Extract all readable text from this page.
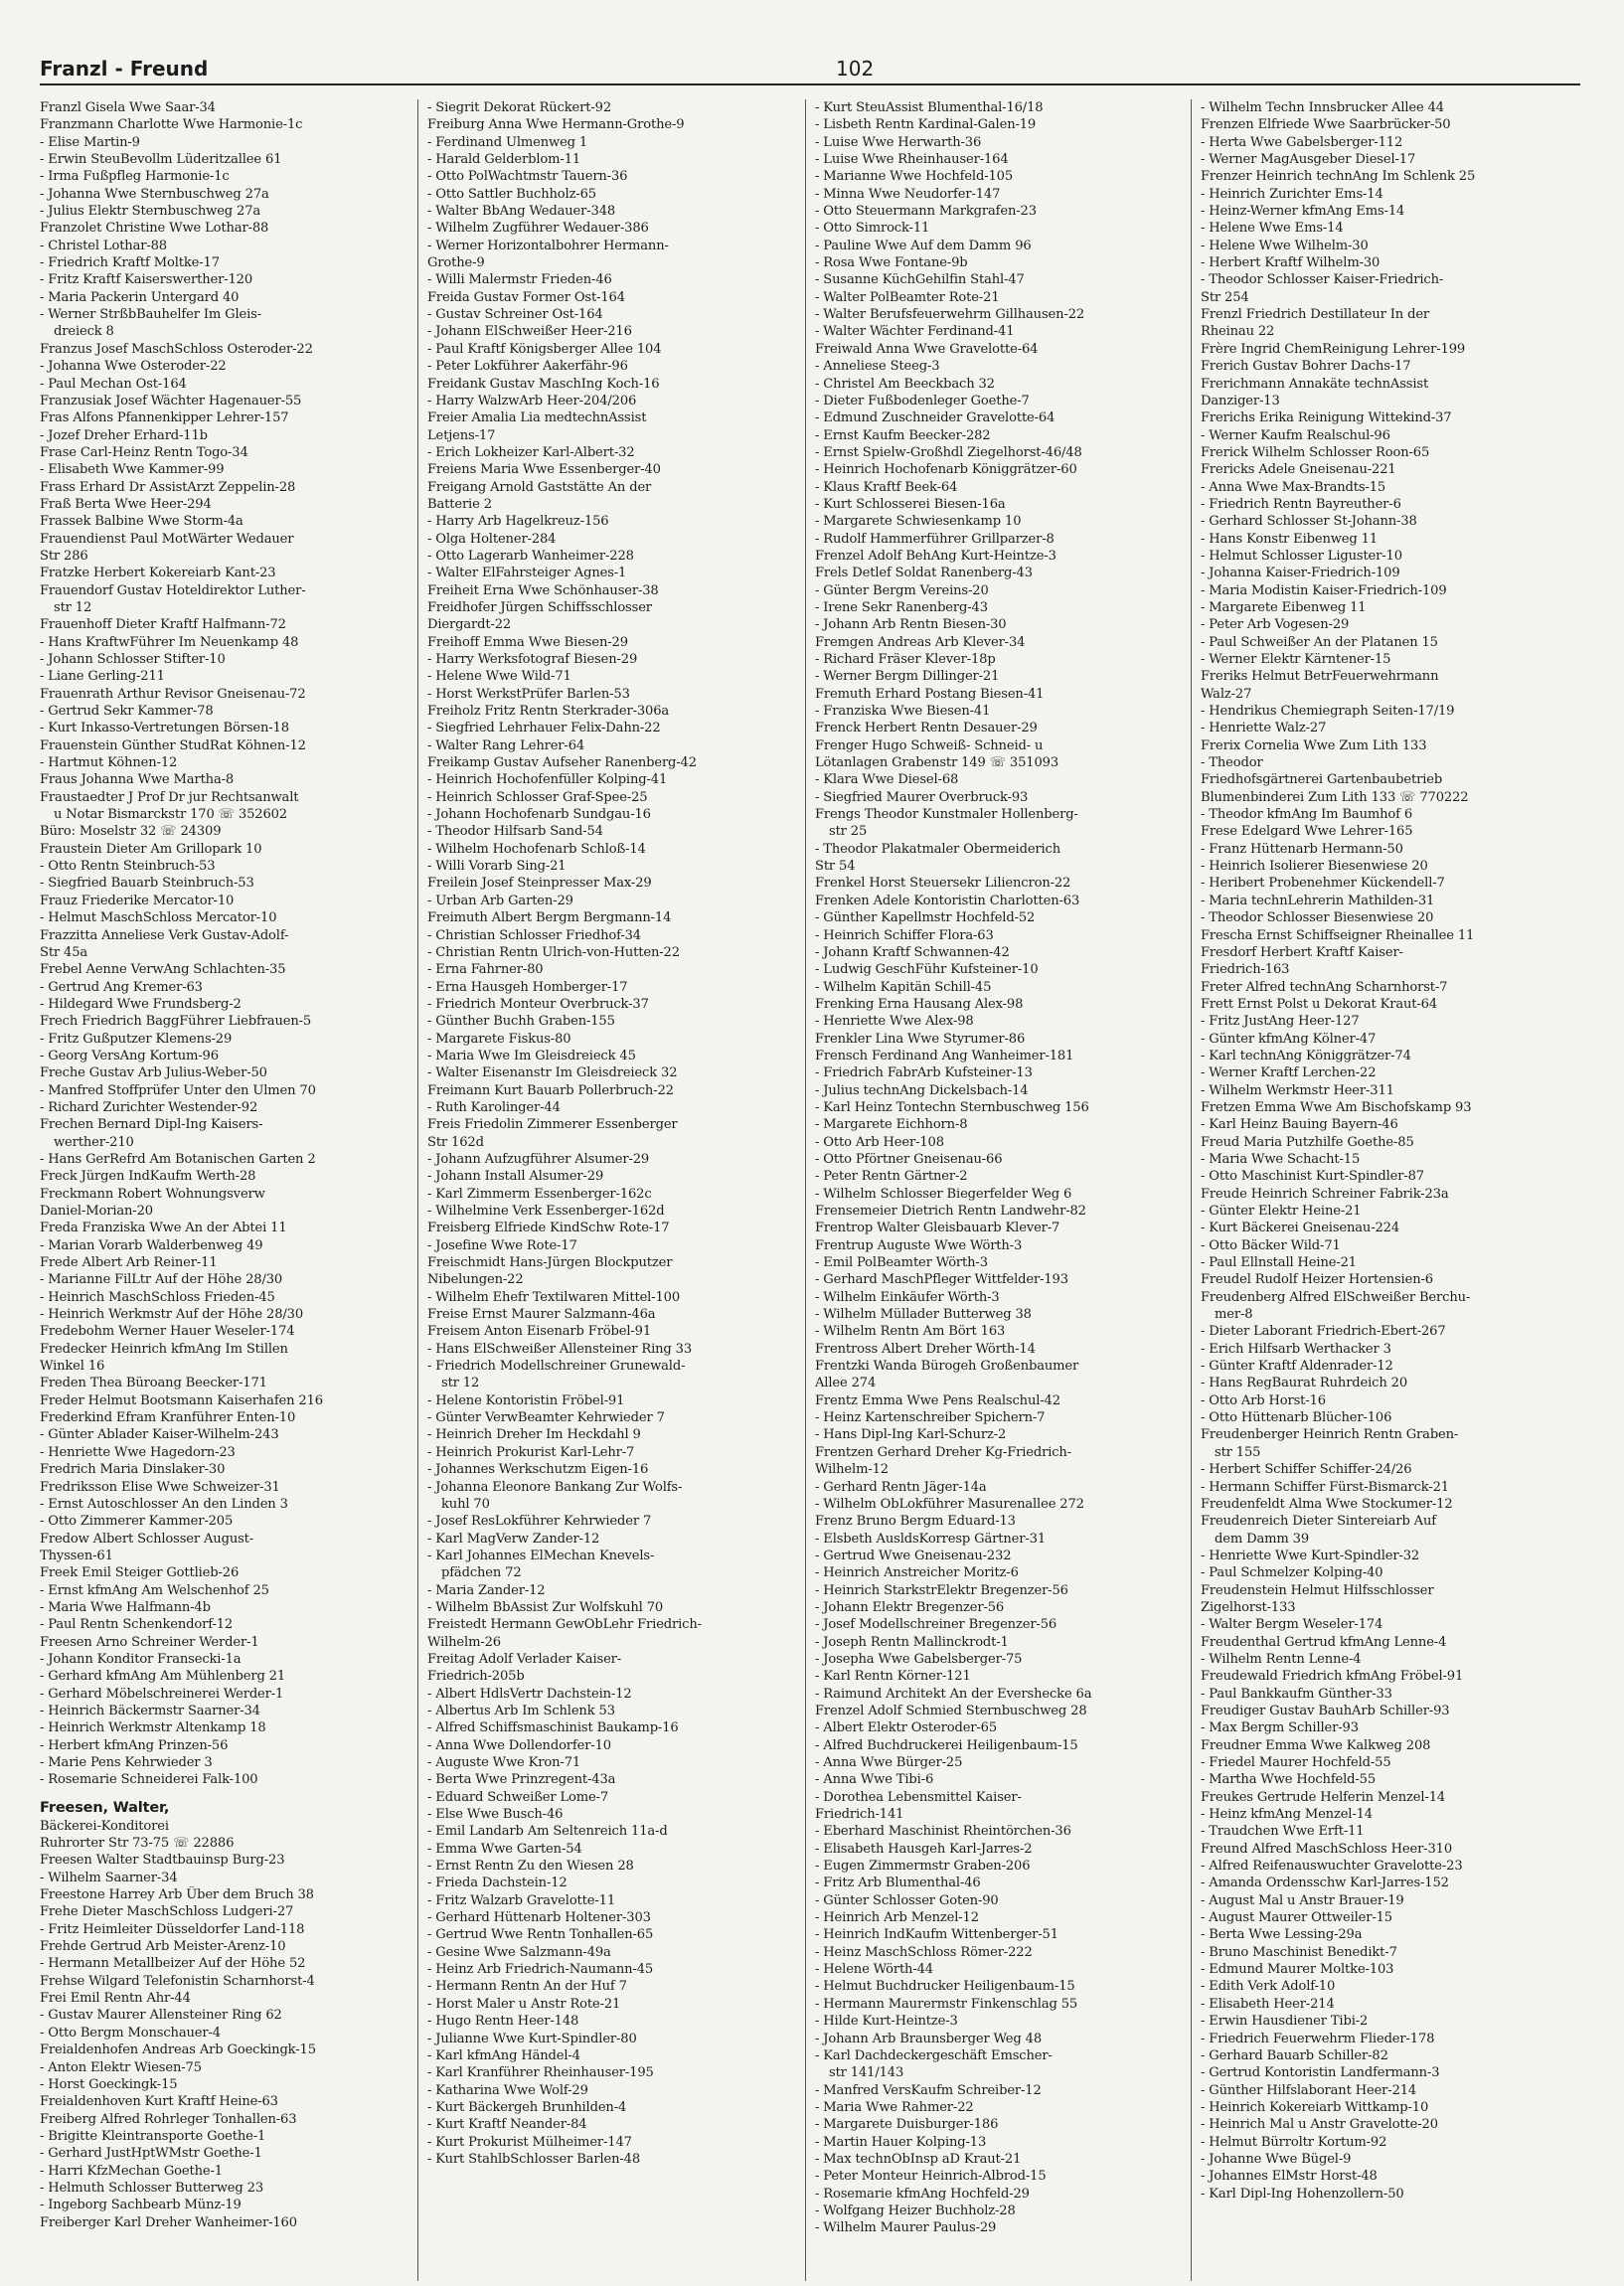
Franzl - Freund	102
Franzl Gisela Wwe Saar-34
Franzmann Charlotte Wwe Harmonie-1c
- Elise Martin-9
- Erwin SteuBevollm Lüderitzallee 61
- Irma Fußpfleg Harmonie-1c
- Johanna Wwe Sternbuschweg 27a
- Julius Elektr Sternbuschweg 27a
Franzolet Christine Wwe Lothar-88
- Christel Lothar-88
- Friedrich Kraftf Moltke-17
- Fritz Kraftf Kaiserswerther-120
- Maria Packerin Untergard 40
- Werner StrßbBauhelfer Im Gleis-
dreieck 8
Franzus Josef MaschSchloss Osteroder-22
- Johanna Wwe Osteroder-22
- Paul Mechan Ost-164
Franzusiak Josef Wächter Hagenauer-55
Fras Alfons Pfannenkipper Lehrer-157
- Jozef Dreher Erhard-11b
Frase Carl-Heinz Rentn Togo-34
- Elisabeth Wwe Kammer-99
Frass Erhard Dr AssistArzt Zeppelin-28
Fraß Berta Wwe Heer-294
Frassek Balbine Wwe Storm-4a
Frauendienst Paul MotWärter Wedauer
Str 286
Fratzke Herbert Kokereiarb Kant-23
Frauendorf Gustav Hoteldirektor Luther-
str 12
Frauenhoff Dieter Kraftf Halfmann-72
- Hans KraftwFührer Im Neuenkamp 48
- Johann Schlosser Stifter-10
- Liane Gerling-211
Frauenrath Arthur Revisor Gneisenau-72
- Gertrud Sekr Kammer-78
- Kurt Inkasso-Vertretungen Börsen-18
Frauenstein Günther StudRat Köhnen-12
- Hartmut Köhnen-12
Fraus Johanna Wwe Martha-8
Fraustaedter J Prof Dr jur Rechtsanwalt
u Notar Bismarckstr 170 ☏ 352602
Büro: Moselstr 32 ☏ 24309
Fraustein Dieter Am Grillopark 10
- Otto Rentn Steinbruch-53
- Siegfried Bauarb Steinbruch-53
Frauz Friederike Mercator-10
- Helmut MaschSchloss Mercator-10
Frazzitta Anneliese Verk Gustav-Adolf-
Str 45a
Frebel Aenne VerwAng Schlachten-35
- Gertrud Ang Kremer-63
- Hildegard Wwe Frundsberg-2
Frech Friedrich BaggFührer Liebfrauen-5
- Fritz Gußputzer Klemens-29
- Georg VersAng Kortum-96
Freche Gustav Arb Julius-Weber-50
- Manfred Stoffprüfer Unter den Ulmen 70
- Richard Zurichter Westender-92
Frechen Bernard Dipl-Ing Kaisers-
werther-210
- Hans GerRefrd Am Botanischen Garten 2
Freck Jürgen IndKaufm Werth-28
Freckmann Robert Wohnungsverw
Daniel-Morian-20
Freda Franziska Wwe An der Abtei 11
- Marian Vorarb Walderbenweg 49
Frede Albert Arb Reiner-11
- Marianne FilLtr Auf der Höhe 28/30
- Heinrich MaschSchloss Frieden-45
- Heinrich Werkmstr Auf der Höhe 28/30
Fredebohm Werner Hauer Weseler-174
Fredecker Heinrich kfmAng Im Stillen
Winkel 16
Freden Thea Büroang Beecker-171
Freder Helmut Bootsmann Kaiserhafen 216
Frederkind Efram Kranführer Enten-10
- Günter Ablader Kaiser-Wilhelm-243
- Henriette Wwe Hagedorn-23
Fredrich Maria Dinslaker-30
Fredriksson Elise Wwe Schweizer-31
- Ernst Autoschlosser An den Linden 3
- Otto Zimmerer Kammer-205
Fredow Albert Schlosser August-
Thyssen-61
Freek Emil Steiger Gottlieb-26
- Ernst kfmAng Am Welschenhof 25
- Maria Wwe Halfmann-4b
- Paul Rentn Schenkendorf-12
Freesen Arno Schreiner Werder-1
- Johann Konditor Fransecki-1a
- Gerhard kfmAng Am Mühlenberg 21
- Gerhard Möbelschreinerei Werder-1
- Heinrich Bäckermstr Saarner-34
- Heinrich Werkmstr Altenkamp 18
- Herbert kfmAng Prinzen-56
- Marie Pens Kehrwieder 3
- Rosemarie Schneiderei Falk-100
Freesen, Walter,
Bäckerei-Konditorei
Ruhrorter Str 73-75 ☏ 22886
Freesen Walter Stadtbauinsp Burg-23
- Wilhelm Saarner-34
Freestone Harrey Arb Über dem Bruch 38
Frehe Dieter MaschSchloss Ludgeri-27
- Fritz Heimleiter Düsseldorfer Land-118
Frehde Gertrud Arb Meister-Arenz-10
- Hermann Metallbeizer Auf der Höhe 52
Frehse Wilgard Telefonistin Scharnhorst-4
Frei Emil Rentn Ahr-44
- Gustav Maurer Allensteiner Ring 62
- Otto Bergm Monschauer-4
Freialdenhofen Andreas Arb Goeckingk-15
- Anton Elektr Wiesen-75
- Horst Goeckingk-15
Freialdenhoven Kurt Kraftf Heine-63
Freiberg Alfred Rohrleger Tonhallen-63
- Brigitte Kleintransporte Goethe-1
- Gerhard JustHptWMstr Goethe-1
- Harri KfzMechan Goethe-1
- Helmuth Schlosser Butterweg 23
- Ingeborg Sachbearb Münz-19
Freiberger Karl Dreher Wanheimer-160
- Siegrit Dekorat Rückert-92
Freiburg Anna Wwe Hermann-Grothe-9
- Ferdinand Ulmenweg 1
- Harald Gelderblom-11
- Otto PolWachtmstr Tauern-36
- Otto Sattler Buchholz-65
- Walter BbAng Wedauer-348
- Wilhelm Zugführer Wedauer-386
- Werner Horizontalbohrer Hermann-
Grothe-9
- Willi Malermstr Frieden-46
Freida Gustav Former Ost-164
- Gustav Schreiner Ost-164
- Johann ElSchweißer Heer-216
- Paul Kraftf Königsberger Allee 104
- Peter Lokführer Aakerfähr-96
Freidank Gustav MaschIng Koch-16
- Harry WalzwArb Heer-204/206
Freier Amalia Lia medtechnAssist
Letjens-17
- Erich Lokheizer Karl-Albert-32
Freiens Maria Wwe Essenberger-40
Freigang Arnold Gaststätte An der
Batterie 2
- Harry Arb Hagelkreuz-156
- Olga Holtener-284
- Otto Lagerarb Wanheimer-228
- Walter ElFahrsteiger Agnes-1
Freiheit Erna Wwe Schönhauser-38
Freidhofer Jürgen Schiffsschlosser
Diergardt-22
Freihoff Emma Wwe Biesen-29
- Harry Werksfotograf Biesen-29
- Helene Wwe Wild-71
- Horst WerkstPrüfer Barlen-53
Freiholz Fritz Rentn Sterkrader-306a
- Siegfried Lehrhauer Felix-Dahn-22
- Walter Rang Lehrer-64
Freikamp Gustav Aufseher Ranenberg-42
- Heinrich Hochofenfüller Kolping-41
- Heinrich Schlosser Graf-Spee-25
- Johann Hochofenarb Sundgau-16
- Theodor Hilfsarb Sand-54
- Wilhelm Hochofenarb Schloß-14
- Willi Vorarb Sing-21
Freilein Josef Steinpresser Max-29
- Urban Arb Garten-29
Freimuth Albert Bergm Bergmann-14
- Christian Schlosser Friedhof-34
- Christian Rentn Ulrich-von-Hutten-22
- Erna Fahrner-80
- Erna Hausgeh Homberger-17
- Friedrich Monteur Overbruck-37
- Günther Buchh Graben-155
- Margarete Fiskus-80
- Maria Wwe Im Gleisdreieck 45
- Walter Eisenanstr Im Gleisdreieck 32
Freimann Kurt Bauarb Pollerbruch-22
- Ruth Karolinger-44
Freis Friedolin Zimmerer Essenberger
Str 162d
- Johann Aufzugführer Alsumer-29
- Johann Install Alsumer-29
- Karl Zimmerm Essenberger-162c
- Wilhelmine Verk Essenberger-162d
Freisberg Elfriede KindSchw Rote-17
- Josefine Wwe Rote-17
Freischmidt Hans-Jürgen Blockputzer
Nibelungen-22
- Wilhelm Ehefr Textilwaren Mittel-100
Freise Ernst Maurer Salzmann-46a
Freisem Anton Eisenarb Fröbel-91
- Hans ElSchweißer Allensteiner Ring 33
- Friedrich Modellschreiner Grunewald-
str 12
- Helene Kontoristin Fröbel-91
- Günter VerwBeamter Kehrwieder 7
- Heinrich Dreher Im Heckdahl 9
- Heinrich Prokurist Karl-Lehr-7
- Johannes Werkschutzm Eigen-16
- Johanna Eleonore Bankang Zur Wolfs-
kuhl 70
- Josef ResLokführer Kehrwieder 7
- Karl MagVerw Zander-12
- Karl Johannes ElMechan Knevels-
pfädchen 72
- Maria Zander-12
- Wilhelm BbAssist Zur Wolfskuhl 70
Freistedt Hermann GewObLehr Friedrich-
Wilhelm-26
Freitag Adolf Verlader Kaiser-
Friedrich-205b
- Albert HdlsVertr Dachstein-12
- Albertus Arb Im Schlenk 53
- Alfred Schiffsmaschinist Baukamp-16
- Anna Wwe Dollendorfer-10
- Auguste Wwe Kron-71
- Berta Wwe Prinzregent-43a
- Eduard Schweißer Lome-7
- Else Wwe Busch-46
- Emil Landarb Am Seltenreich 11a-d
- Emma Wwe Garten-54
- Ernst Rentn Zu den Wiesen 28
- Frieda Dachstein-12
- Fritz Walzarb Gravelotte-11
- Gerhard Hüttenarb Holtener-303
- Gertrud Wwe Rentn Tonhallen-65
- Gesine Wwe Salzmann-49a
- Heinz Arb Friedrich-Naumann-45
- Hermann Rentn An der Huf 7
- Horst Maler u Anstr Rote-21
- Hugo Rentn Heer-148
- Julianne Wwe Kurt-Spindler-80
- Karl kfmAng Händel-4
- Karl Kranführer Rheinhauser-195
- Katharina Wwe Wolf-29
- Kurt Bäckergeh Brunhilden-4
- Kurt Kraftf Neander-84
- Kurt Prokurist Mülheimer-147
- Kurt StahlbSchlosser Barlen-48
- Kurt SteuAssist Blumenthal-16/18
- Lisbeth Rentn Kardinal-Galen-19
- Luise Wwe Herwarth-36
- Luise Wwe Rheinhauser-164
- Marianne Wwe Hochfeld-105
- Minna Wwe Neudorfer-147
- Otto Steuermann Markgrafen-23
- Otto Simrock-11
- Pauline Wwe Auf dem Damm 96
- Rosa Wwe Fontane-9b
- Susanne KüchGehilfin Stahl-47
- Walter PolBeamter Rote-21
- Walter Berufsfeuerwehrm Gillhausen-22
- Walter Wächter Ferdinand-41
Freiwald Anna Wwe Gravelotte-64
- Anneliese Steeg-3
- Christel Am Beeckbach 32
- Dieter Fußbodenleger Goethe-7
- Edmund Zuschneider Gravelotte-64
- Ernst Kaufm Beecker-282
- Ernst Spielw-Großhdl Ziegelhorst-46/48
- Heinrich Hochofenarb Königgrätzer-60
- Klaus Kraftf Beek-64
- Kurt Schlosserei Biesen-16a
- Margarete Schwiesenkamp 10
- Rudolf Hammerführer Grillparzer-8
Frenzel Adolf BehAng Kurt-Heintze-3
Frels Detlef Soldat Ranenberg-43
- Günter Bergm Vereins-20
- Irene Sekr Ranenberg-43
- Johann Arb Rentn Biesen-30
Fremgen Andreas Arb Klever-34
- Richard Fräser Klever-18p
- Werner Bergm Dillinger-21
Fremuth Erhard Postang Biesen-41
- Franziska Wwe Biesen-41
Frenck Herbert Rentn Desauer-29
Frenger Hugo Schweiß- Schneid- u
Lötanlagen Grabenstr 149 ☏ 351093
- Klara Wwe Diesel-68
- Siegfried Maurer Overbruck-93
Frengs Theodor Kunstmaler Hollenberg-
str 25
- Theodor Plakatmaler Obermeiderich
Str 54
Frenkel Horst Steuersekr Liliencron-22
Frenken Adele Kontoristin Charlotten-63
- Günther Kapellmstr Hochfeld-52
- Heinrich Schiffer Flora-63
- Johann Kraftf Schwannen-42
- Ludwig GeschFühr Kufsteiner-10
- Wilhelm Kapitän Schill-45
Frenking Erna Hausang Alex-98
- Henriette Wwe Alex-98
Frenkler Lina Wwe Styrumer-86
Frensch Ferdinand Ang Wanheimer-181
- Friedrich FabrArb Kufsteiner-13
- Julius technAng Dickelsbach-14
- Karl Heinz Tontechn Sternbuschweg 156
- Margarete Eichhorn-8
- Otto Arb Heer-108
- Otto Pförtner Gneisenau-66
- Peter Rentn Gärtner-2
- Wilhelm Schlosser Biegerfelder Weg 6
Frensemeier Dietrich Rentn Landwehr-82
Frentrop Walter Gleisbauarb Klever-7
Frentrup Auguste Wwe Wörth-3
- Emil PolBeamter Wörth-3
- Gerhard MaschPfleger Wittfelder-193
- Wilhelm Einkäufer Wörth-3
- Wilhelm Müllader Butterweg 38
- Wilhelm Rentn Am Bört 163
Frentross Albert Dreher Wörth-14
Frentzki Wanda Bürogeh Großenbaumer
Allee 274
Frentz Emma Wwe Pens Realschul-42
- Heinz Kartenschreiber Spichern-7
- Hans Dipl-Ing Karl-Schurz-2
Frentzen Gerhard Dreher Kg-Friedrich-
Wilhelm-12
- Gerhard Rentn Jäger-14a
- Wilhelm ObLokführer Masurenallee 272
Frenz Bruno Bergm Eduard-13
- Elsbeth AusldsKorresp Gärtner-31
- Gertrud Wwe Gneisenau-232
- Heinrich Anstreicher Moritz-6
- Heinrich StarkstrElektr Bregenzer-56
- Johann Elektr Bregenzer-56
- Josef Modellschreiner Bregenzer-56
- Joseph Rentn Mallinckrodt-1
- Josepha Wwe Gabelsberger-75
- Karl Rentn Körner-121
- Raimund Architekt An der Evershecke 6a
Frenzel Adolf Schmied Sternbuschweg 28
- Albert Elektr Osteroder-65
- Alfred Buchdruckerei Heiligenbaum-15
- Anna Wwe Bürger-25
- Anna Wwe Tibi-6
- Dorothea Lebensmittel Kaiser-
Friedrich-141
- Eberhard Maschinist Rheintörchen-36
- Elisabeth Hausgeh Karl-Jarres-2
- Eugen Zimmermstr Graben-206
- Fritz Arb Blumenthal-46
- Günter Schlosser Goten-90
- Heinrich Arb Menzel-12
- Heinrich IndKaufm Wittenberger-51
- Heinz MaschSchloss Römer-222
- Helene Wörth-44
- Helmut Buchdrucker Heiligenbaum-15
- Hermann Maurermstr Finkenschlag 55
- Hilde Kurt-Heintze-3
- Johann Arb Braunsberger Weg 48
- Karl Dachdeckergeschäft Emscher-
str 141/143
- Manfred VersKaufm Schreiber-12
- Maria Wwe Rahmer-22
- Margarete Duisburger-186
- Martin Hauer Kolping-13
- Max technObInsp aD Kraut-21
- Peter Monteur Heinrich-Albrod-15
- Rosemarie kfmAng Hochfeld-29
- Wolfgang Heizer Buchholz-28
- Wilhelm Maurer Paulus-29
- Wilhelm Techn Innsbrucker Allee 44
Frenzen Elfriede Wwe Saarbrücker-50
- Herta Wwe Gabelsberger-112
- Werner MagAusgeber Diesel-17
Frenzer Heinrich technAng Im Schlenk 25
- Heinrich Zurichter Ems-14
- Heinz-Werner kfmAng Ems-14
- Helene Wwe Ems-14
- Helene Wwe Wilhelm-30
- Herbert Kraftf Wilhelm-30
- Theodor Schlosser Kaiser-Friedrich-
Str 254
Frenzl Friedrich Destillateur In der
Rheinau 22
Frère Ingrid ChemReinigung Lehrer-199
Frerich Gustav Bohrer Dachs-17
Frerichmann Annakäte technAssist
Danziger-13
Frerichs Erika Reinigung Wittekind-37
- Werner Kaufm Realschul-96
Frerick Wilhelm Schlosser Roon-65
Frericks Adele Gneisenau-221
- Anna Wwe Max-Brandts-15
- Friedrich Rentn Bayreuther-6
- Gerhard Schlosser St-Johann-38
- Hans Konstr Eibenweg 11
- Helmut Schlosser Liguster-10
- Johanna Kaiser-Friedrich-109
- Maria Modistin Kaiser-Friedrich-109
- Margarete Eibenweg 11
- Peter Arb Vogesen-29
- Paul Schweißer An der Platanen 15
- Werner Elektr Kärntener-15
Freriks Helmut BetrFeuerwehrmann
Walz-27
- Hendrikus Chemiegraph Seiten-17/19
- Henriette Walz-27
Frerix Cornelia Wwe Zum Lith 133
- Theodor
Friedhofsgärtnerei Gartenbaubetrieb
Blumenbinderei Zum Lith 133 ☏ 770222
- Theodor kfmAng Im Baumhof 6
Frese Edelgard Wwe Lehrer-165
- Franz Hüttenarb Hermann-50
- Heinrich Isolierer Biesenwiese 20
- Heribert Probenehmer Kückendell-7
- Maria technLehrerin Mathilden-31
- Theodor Schlosser Biesenwiese 20
Frescha Ernst Schiffseigner Rheinallee 11
Fresdorf Herbert Kraftf Kaiser-
Friedrich-163
Freter Alfred technAng Scharnhorst-7
Frett Ernst Polst u Dekorat Kraut-64
- Fritz JustAng Heer-127
- Günter kfmAng Kölner-47
- Karl technAng Königgrätzer-74
- Werner Kraftf Lerchen-22
- Wilhelm Werkmstr Heer-311
Fretzen Emma Wwe Am Bischofskamp 93
- Karl Heinz Bauing Bayern-46
Freud Maria Putzhilfe Goethe-85
- Maria Wwe Schacht-15
- Otto Maschinist Kurt-Spindler-87
Freude Heinrich Schreiner Fabrik-23a
- Günter Elektr Heine-21
- Kurt Bäckerei Gneisenau-224
- Otto Bäcker Wild-71
- Paul Ellnstall Heine-21
Freudel Rudolf Heizer Hortensien-6
Freudenberg Alfred ElSchweißer Berchu-
mer-8
- Dieter Laborant Friedrich-Ebert-267
- Erich Hilfsarb Werthacker 3
- Günter Kraftf Aldenrader-12
- Hans RegBaurat Ruhrdeich 20
- Otto Arb Horst-16
- Otto Hüttenarb Blücher-106
Freudenberger Heinrich Rentn Graben-
str 155
- Herbert Schiffer Schiffer-24/26
- Hermann Schiffer Fürst-Bismarck-21
Freudenfeldt Alma Wwe Stockumer-12
Freudenreich Dieter Sintereiarb Auf
dem Damm 39
- Henriette Wwe Kurt-Spindler-32
- Paul Schmelzer Kolping-40
Freudenstein Helmut Hilfsschlosser
Zigelhorst-133
- Walter Bergm Weseler-174
Freudenthal Gertrud kfmAng Lenne-4
- Wilhelm Rentn Lenne-4
Freudewald Friedrich kfmAng Fröbel-91
- Paul Bankkaufm Günther-33
Freudiger Gustav BauhArb Schiller-93
- Max Bergm Schiller-93
Freudner Emma Wwe Kalkweg 208
- Friedel Maurer Hochfeld-55
- Martha Wwe Hochfeld-55
Freukes Gertrude Helferin Menzel-14
- Heinz kfmAng Menzel-14
- Traudchen Wwe Erft-11
Freund Alfred MaschSchloss Heer-310
- Alfred Reifenauswuchter Gravelotte-23
- Amanda Ordensschw Karl-Jarres-152
- August Mal u Anstr Brauer-19
- August Maurer Ottweiler-15
- Berta Wwe Lessing-29a
- Bruno Maschinist Benedikt-7
- Edmund Maurer Moltke-103
- Edith Verk Adolf-10
- Elisabeth Heer-214
- Erwin Hausdiener Tibi-2
- Friedrich Feuerwehrm Flieder-178
- Gerhard Bauarb Schiller-82
- Gertrud Kontoristin Landfermann-3
- Günther Hilfslaborant Heer-214
- Heinrich Kokereiarb Wittkamp-10
- Heinrich Mal u Anstr Gravelotte-20
- Helmut Bürroltr Kortum-92
- Johanne Wwe Bügel-9
- Johannes ElMstr Horst-48
- Karl Dipl-Ing Hohenzollern-50
